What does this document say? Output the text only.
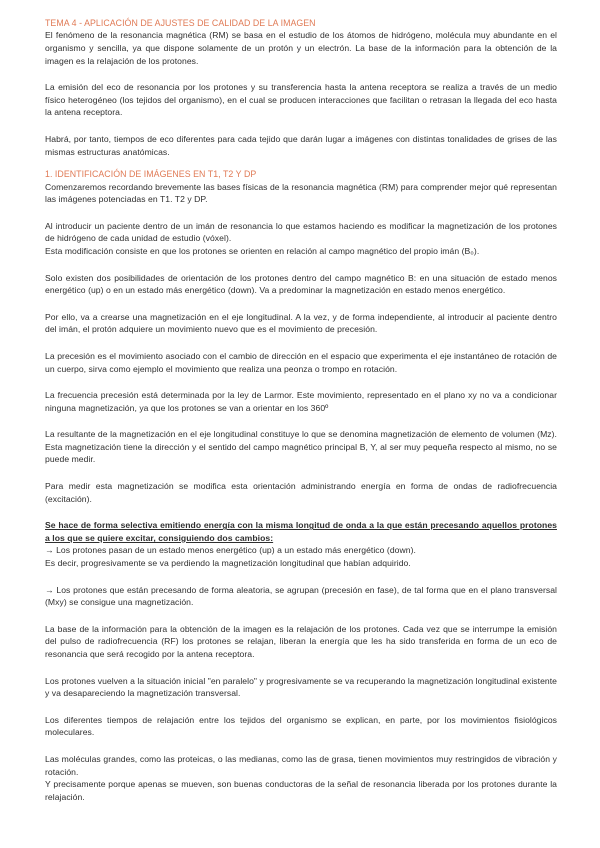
TEMA 4 - APLICACIÓN DE AJUSTES DE CALIDAD DE LA IMAGEN

El fenómeno de la resonancia magnética (RM) se basa en el estudio de los átomos de hidrógeno, molécula muy abundante en el organismo y sencilla, ya que dispone solamente de un protón y un electrón. La base de la información para la obtención de la imagen es la relajación de los protones.

La emisión del eco de resonancia por los protones y su transferencia hasta la antena receptora se realiza a través de un medio físico heterogéneo (los tejidos del organismo), en el cual se producen interacciones que facilitan o retrasan la llegada del eco hasta la antena receptora.

Habrá, por tanto, tiempos de eco diferentes para cada tejido que darán lugar a imágenes con distintas tonalidades de grises de las mismas estructuras anatómicas.

1. IDENTIFICACIÓN DE IMÁGENES EN T1, T2 Y DP

Comenzaremos recordando brevemente las bases físicas de la resonancia magnética (RM) para comprender mejor qué representan las imágenes potenciadas en T1. T2 y DP.

Al introducir un paciente dentro de un imán de resonancia lo que estamos haciendo es modificar la magnetización de los protones de hidrógeno de cada unidad de estudio (vóxel).

Esta modificación consiste en que los protones se orienten en relación al campo magnético del propio imán (B₀).

Solo existen dos posibilidades de orientación de los protones dentro del campo magnético B: en una situación de estado menos energético (up) o en un estado más energético (down). Va a predominar la magnetización en estado menos energético.

Por ello, va a crearse una magnetización en el eje longitudinal. A la vez, y de forma independiente, al introducir al paciente dentro del imán, el protón adquiere un movimiento nuevo que es el movimiento de precesión.

La precesión es el movimiento asociado con el cambio de dirección en el espacio que experimenta el eje instantáneo de rotación de un cuerpo, sirva como ejemplo el movimiento que realiza una peonza o trompo en rotación.

La frecuencia precesión está determinada por la ley de Larmor. Este movimiento, representado en el plano xy no va a condicionar ninguna magnetización, ya que los protones se van a orientar en los 360º

La resultante de la magnetización en el eje longitudinal constituye lo que se denomina magnetización de elemento de volumen (Mz). Esta magnetización tiene la dirección y el sentido del campo magnético principal B, Y, al ser muy pequeña respecto al mismo, no se puede medir.

Para medir esta magnetización se modifica esta orientación administrando energía en forma de ondas de radiofrecuencia (excitación).

Se hace de forma selectiva emitiendo energía con la misma longitud de onda a la que están precesando aquellos protones a los que se quiere excitar, consiguiendo dos cambios:

→ Los protones pasan de un estado menos energético (up) a un estado más energético (down).

Es decir, progresivamente se va perdiendo la magnetización longitudinal que habían adquirido.

→ Los protones que están precesando de forma aleatoria, se agrupan (precesión en fase), de tal forma que en el plano transversal (Mxy) se consigue una magnetización.

La base de la información para la obtención de la imagen es la relajación de los protones. Cada vez que se interrumpe la emisión del pulso de radiofrecuencia (RF) los protones se relajan, liberan la energía que les ha sido transferida en forma de un eco de resonancia que será recogido por la antena receptora.

Los protones vuelven a la situación inicial "en paralelo" y progresivamente se va recuperando la magnetización longitudinal existente y va desapareciendo la magnetización transversal.

Los diferentes tiempos de relajación entre los tejidos del organismo se explican, en parte, por los movimientos fisiológicos moleculares.

Las moléculas grandes, como las proteicas, o las medianas, como las de grasa, tienen movimientos muy restringidos de vibración y rotación.

Y precisamente porque apenas se mueven, son buenas conductoras de la señal de resonancia liberada por los protones durante la relajación.
